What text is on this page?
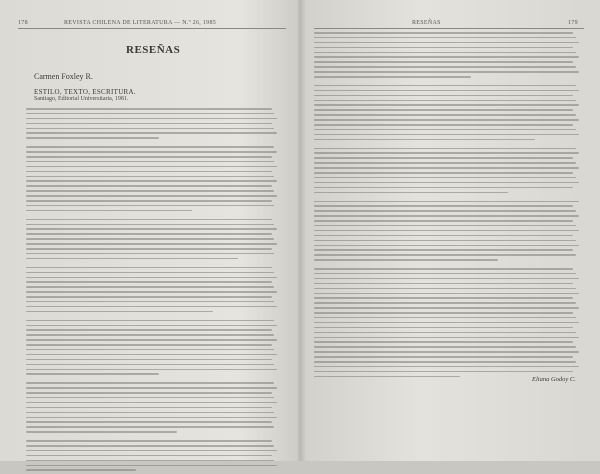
178	REVISTA CHILENA DE LITERATURA — N.º 26, 1985
RESEÑAS
Carmen Foxley R.
ESTILO, TEXTO, ESCRITURA.
Santiago, Editorial Universitaria, 1981.
RESEÑAS	179
Eliana Godoy C.
